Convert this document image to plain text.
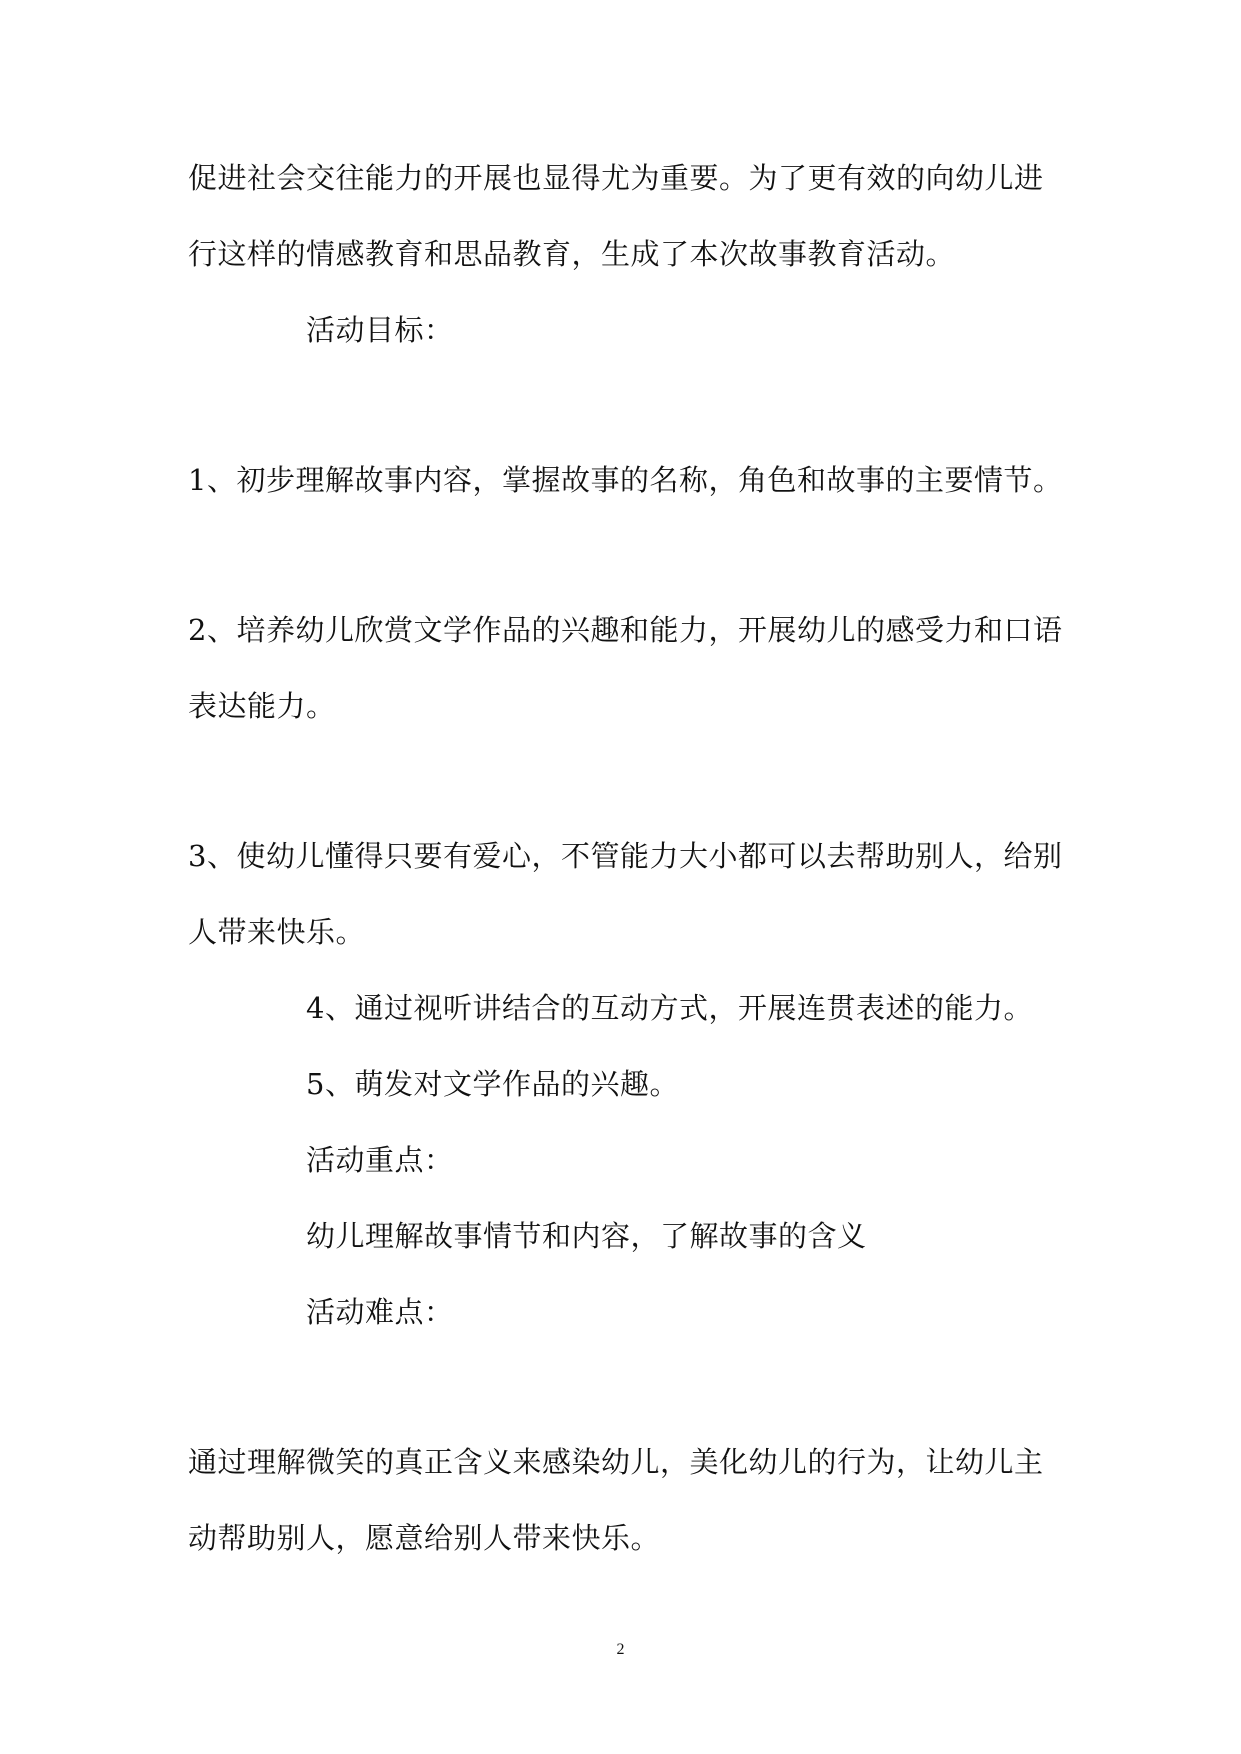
促进社会交往能力的开展也显得尤为重要。为了更有效的向幼儿进
行这样的情感教育和思品教育，生成了本次故事教育活动。
活动目标：
1、初步理解故事内容，掌握故事的名称，角色和故事的主要情节。
2、培养幼儿欣赏文学作品的兴趣和能力，开展幼儿的感受力和口语
表达能力。
3、使幼儿懂得只要有爱心，不管能力大小都可以去帮助别人，给别
人带来快乐。
4、通过视听讲结合的互动方式，开展连贯表述的能力。
5、萌发对文学作品的兴趣。
活动重点：
幼儿理解故事情节和内容，了解故事的含义
活动难点：
通过理解微笑的真正含义来感染幼儿，美化幼儿的行为，让幼儿主
动帮助别人，愿意给别人带来快乐。
2
